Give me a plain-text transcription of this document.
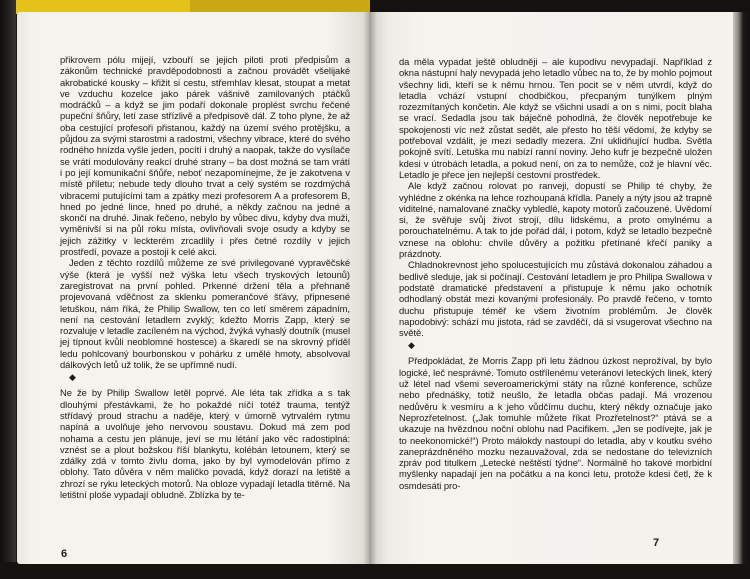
přikrovem pólu mijejí, vzbouří se jejich piloti proti předpisům a zákonům technické pravděpodobnosti a začnou provádět všelijaké akrobatické kousky – křižit si cestu, střemhlav klesat, stoupat a metat ve vzduchu kozelce jako párek vášnivě zamilovaných ptáčků modráčků – a když se jim podaří dokonale proplést svrchu řečené pupeční šňůry, letí zase střízlivě a předpisově dál. Z toho plyne, že až oba cestující profesoři přistanou, každý na území svého protějšku, a půjdou za svými starostmi a radostmi, všechny vibrace, které do svého rodného hnízda vyšle jeden, pocítí i druhý a naopak, takže do vysílače se vrátí modulovány reakcí druhé strany – ba dost možná se tam vrátí i po její komunikační šňůře, neboť nezapomínejme, že je zakotvena v místě příletu; nebude tedy dlouho trvat a celý systém se rozdmýchá vibracemi putujícími tam a zpátky mezi profesorem A a profesorem B, hned po jedné lince, hned po druhé, a někdy začnou na jedné a skončí na druhé. Jinak řečeno, nebylo by vůbec divu, kdyby dva muži, vyměnivší si na půl roku místa, ovlivňovali svoje osudy a kdyby se jejich zážitky v leckterém zrcadlily i přes četné rozdíly v jejich prostředí, povaze a postoji k celé akci.

Jeden z těchto rozdílů můžeme ze své privilegované vypravěčské výše (která je vyšší než výška letu všech tryskových letounů) zaregistrovat na první pohled. Prkenné držení těla a přehnaně projevovaná vděčnost za sklenku pomerančové šťávy, připnesené letuškou, nám říká, že Philip Swallow, ten co letí směrem západním, není na cestování letadlem zvyklý; kdežto Morris Zapp, který se rozvaluje v letadle zacíleném na východ, žvýká vyhaslý doutník (musel jej típnout kvůli neoblomné hostesce) a škaredí se na skrovný příděl ledu pohlcovaný bourbonskou v pohárku z umělé hmoty, absolvoval dálkových letů už tolik, že se upřímně nudí.

◆

Ne že by Philip Swallow letěl poprvé. Ale léta tak zřídka a s tak dlouhými přestávkami, že ho pokaždé níčí totéž trauma, tentýž střídavý proud strachu a naděje, který v úmorně vytrvalém rytmu napíná a uvolňuje jeho nervovou soustavu. Dokud má zem pod nohama a cestu jen plánuje, jeví se mu létání jako věc radostiplná: vznést se a plout božskou říší blankytu, kolébán letounem, který se zdálky zdá v tomto živlu doma, jako by byl vymodelován přímo z oblohy. Tato důvěra v něm maličko povadá, když dorazí na letiště a zhrozí se ryku leteckých motorů. Na obloze vypadají letadla titěrně. Na letištní ploše vypadají obludně. Zblízka by te-

6

da měla vypadat ještě obludněji – ale kupodivu nevypadají. Například z okna nástupní haly nevypadá jeho letadlo vůbec na to, že by mohlo pojmout všechny lidi, kteří se k němu hrnou. Ten pocit se v něm utvrdí, když do letadla vchází vstupní chodbičkou, přecpaným tunýlkem plným rozezmítaných končetin. Ale když se všichni usadí a on s nimi, pocít blaha se vrací. Sedadla jsou tak báječně pohodlná, že člověk nepotřebuje ke spokojenosti víc než zůstat sedět, ale přesto ho těší vědomí, že kdyby se potřeboval vzdálit, je mezi sedadly mezera. Zní uklidňující hudba. Světla pokojně svítí. Letuška mu nabízí ranní noviny. Jeho kufr je bezpečně uložen kdesi v útrobách letadla, a pokud není, on za to nemůže, což je hlavní věc. Letadlo je přece jen nejlepší cestovní prostředek.

Ale když začnou rolovat po ranveji, dopustí se Philip té chyby, že vyhlédne z okénka na lehce rozhoupaná křídla. Panely a nýty jsou až trapně viditelné, namalované značky vybledlé, kapoty motorů začouzené. Uvědomí si, že svěřuje svůj život strojí, dílu lidskému, a proto omylnému a porouchatelnému. A tak to jde pořád dál, i potom, když se letadlo bezpečně vznese na oblohu: chvíle důvěry a požitku přetínané křečí paniky a prázdnoty.

Chladnokrevnost jeho spolucestujících mu zůstává dokonalou záhadou a bedlivě sleduje, jak si počínají. Cestování letadlem je pro Philipa Swallowa v podstatě dramatické představení a přistupuje k němu jako ochotník odhodlaný obstát mezi kovanými profesionály. Po pravdě řečeno, v tomto duchu přistupuje téměř ke všem životním problémům. Je člověk napodobivý: schází mu jistota, rád se zavděčí, dá si vsugerovat všechno na světě.

◆

Předpokládat, že Morris Zapp při letu žádnou úzkost neprožíval, by bylo logické, leč nesprávné. Tomuto ostřílenému veteránovi leteckých linek, který už létel nad všemi severoamerickými státy na různé konference, schůze nebo přednášky, totiž neušlo, že letadla občas padají. Má vrozenou nedůvěru k vesmíru a k jeho vůdčímu duchu, který někdy označuje jako Neprozřetelnost. („Jak tomuhle můžete říkat Prozřetelnost?“ ptává se a ukazuje na hvězdnou noční oblohu nad Pacifikem. „Jen se podívejte, jak je to neekonomické!“) Proto málokdy nastoupí do letadla, aby v koutku svého zaneprázdněného mozku nezauvažoval, zda se nedostane do televizních zpráv pod titulkem „Letecké neštěstí týdne“. Normálně ho takové morbidní myšlenky napadají jen na počátku a na konci letu, protože kdesi četl, že k osmdesáti pro-

7
